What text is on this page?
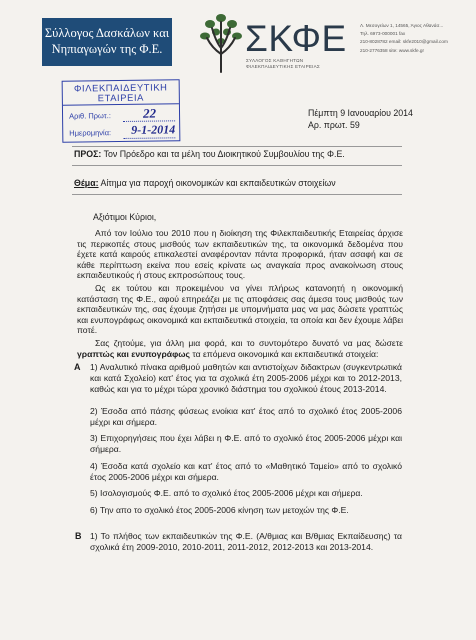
Σύλλογος Δασκάλων και
Νηπιαγωγών της Φ.Ε. ΣΚΦΕ
ΣΥΛΛΟΓΟΣ ΚΑΘΗΓΗΤΩΝ
ΦΙΛΕΚΠΑΙΔΕΥΤΙΚΗΣ ΕΤΑΙΡΕΙΑΣ
Λ. Μεσογείων 1, 14565, Άγιος Αθανάσ...
Τηλ. 6973-000001 fax
210-8028782 email: skfe2010@gmail.com
210-2776358 site: www.skfe.gr
ΦΙΛΕΚΠΑΙΔΕΥΤΙΚΗ
ΕΤΑΙΡΕΙΑ
Αριθ. Πρωτ.: 22
Ημερομηνία: 9-1-2014
Πέμπτη 9 Ιανουαρίου 2014
Αρ. πρωτ. 59
ΠΡΟΣ: Τον Πρόεδρο και τα μέλη του Διοικητικού Συμβουλίου της Φ.Ε.
Θέμα: Αίτημα για παροχή οικονομικών και εκπαιδευτικών στοιχείων
Αξιότιμοι Κύριοι,
Από τον Ιούλιο του 2010 που η διοίκηση της Φιλεκπαιδευτικής Εταιρείας άρχισε τις περικοπές στους μισθούς των εκπαιδευτικών της, τα οικονομικά δεδομένα που έχετε κατά καιρούς επικαλεστεί αναφέρονταν πάντα προφορικά, ήταν ασαφή και σε κάθε περίπτωση εκείνα που εσείς κρίνατε ως αναγκαία προς ανακοίνωση στους εκπαιδευτικούς ή στους εκπροσώπους τους.
Ως εκ τούτου και προκειμένου να γίνει πλήρως κατανοητή η οικονομική κατάσταση της Φ.Ε., αφού επηρεάζει με τις αποφάσεις σας άμεσα τους μισθούς των εκπαιδευτικών της, σας έχουμε ζητήσει με υπομνήματα μας να μας δώσετε γραπτώς και ενυπογράφως οικονομικά και εκπαιδευτικά στοιχεία, τα οποία και δεν έχουμε λάβει ποτέ.
Σας ζητούμε, για άλλη μια φορά, και το συντομότερο δυνατό να μας δώσετε γραπτώς και ενυπογράφως τα επόμενα οικονομικά και εκπαιδευτικά στοιχεία:
Α 1) Αναλυτικό πίνακα αριθμού μαθητών και αντιστοίχων διδακτρων (συγκεντρωτικά και κατά Σχολείο) κατ' έτος για τα σχολικά έτη 2005-2006 μέχρι και το 2012-2013, καθώς και για το μέχρι τώρα χρονικό διάστημα του σχολικού έτους 2013-2014.
2) Έσοδα από πάσης φύσεως ενοίκια κατ' έτος από το σχολικό έτος 2005-2006 μέχρι και σήμερα.
3) Επιχορηγήσεις που έχει λάβει η Φ.Ε. από το σχολικό έτος 2005-2006 μέχρι και σήμερα.
4) Έσοδα κατά σχολείο και κατ' έτος από το «Μαθητικό Ταμείο» από το σχολικό έτος 2005-2006 μέχρι και σήμερα.
5) Ισολογισμούς Φ.Ε. από το σχολικό έτος 2005-2006 μέχρι και σήμερα.
6) Την απο το σχολικό έτος 2005-2006 κίνηση των μετοχών της Φ.Ε.
Β 1) Το πλήθος των εκπαιδευτικών της Φ.Ε. (Α/θμιας και Β/θμιας Εκπαίδευσης) τα σχολικά έτη 2009-2010, 2010-2011, 2011-2012, 2012-2013 και 2013-2014.
